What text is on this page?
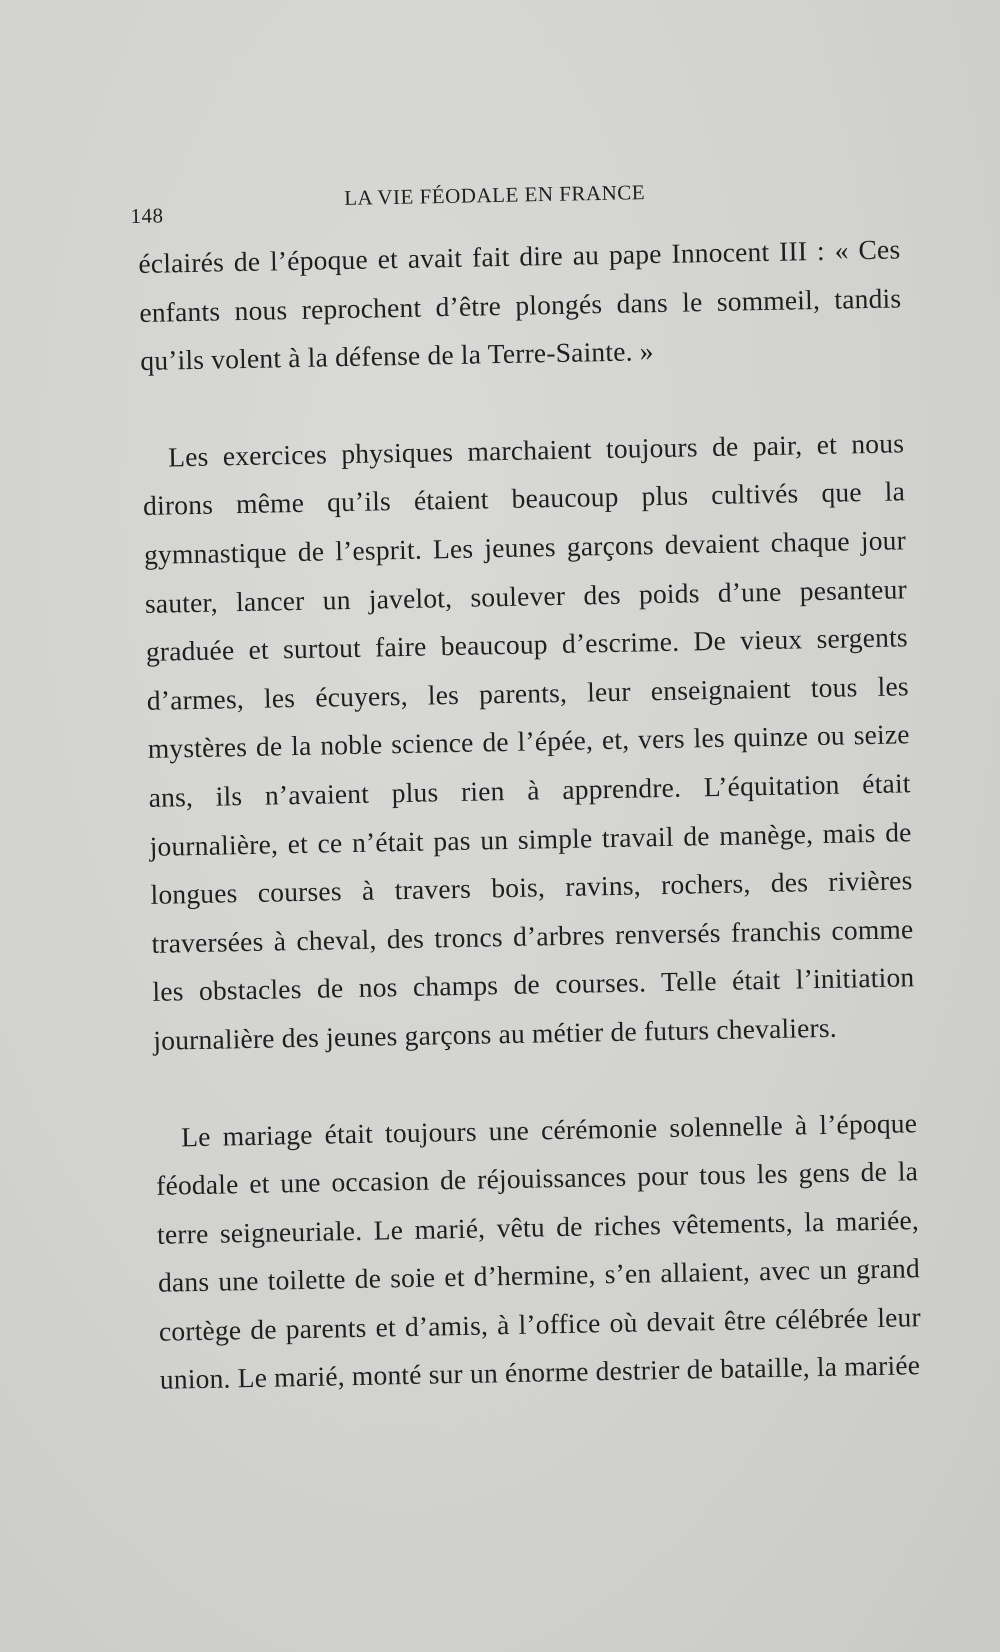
148
LA VIE FÉODALE EN FRANCE

éclairés de l’époque et avait fait dire au pape Innocent III : « Ces enfants nous reprochent d’être plongés dans le sommeil, tandis qu’ils volent à la défense de la Terre-Sainte. »

Les exercices physiques marchaient toujours de pair, et nous dirons même qu’ils étaient beaucoup plus cultivés que la gymnastique de l’esprit. Les jeunes garçons devaient chaque jour sauter, lancer un javelot, soulever des poids d’une pesanteur graduée et surtout faire beaucoup d’escrime. De vieux sergents d’armes, les écuyers, les parents, leur enseignaient tous les mystères de la noble science de l’épée, et, vers les quinze ou seize ans, ils n’avaient plus rien à apprendre. L’équitation était journalière, et ce n’était pas un simple travail de manège, mais de longues courses à travers bois, ravins, rochers, des rivières traversées à cheval, des troncs d’arbres renversés franchis comme les obstacles de nos champs de courses. Telle était l’initiation journalière des jeunes garçons au métier de futurs chevaliers.

Le mariage était toujours une cérémonie solennelle à l’époque féodale et une occasion de réjouissances pour tous les gens de la terre seigneuriale. Le marié, vêtu de riches vêtements, la mariée, dans une toilette de soie et d’hermine, s’en allaient, avec un grand cortège de parents et d’amis, à l’office où devait être célébrée leur union. Le marié, monté sur un énorme destrier de bataille, la mariée
